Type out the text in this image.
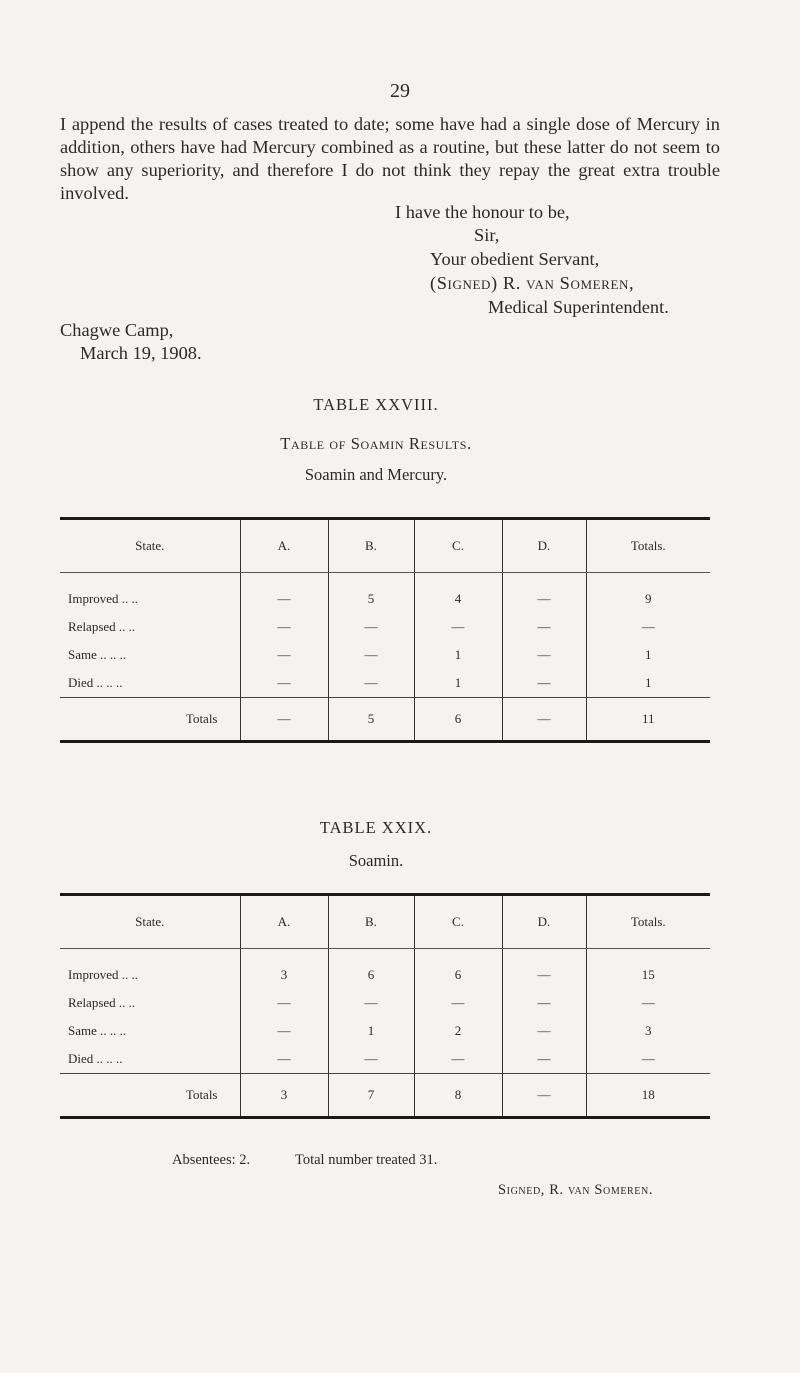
29
I append the results of cases treated to date; some have had a single dose of Mercury in addition, others have had Mercury combined as a routine, but these latter do not seem to show any superiority, and therefore I do not think they repay the great extra trouble involved.
I have the honour to be,
Sir,
Your obedient Servant,
(Signed) R. van Someren,
Medical Superintendent.
Chagwe Camp,
March 19, 1908.
TABLE XXVIII.
Table of Soamin Results.
Soamin and Mercury.
State.	A.	B.	C.	D.	Totals.
Improved .. ..	—	5	4	—	9
Relapsed .. ..	—	—	—	—	—
Same .. .. ..	—	—	1	—	1
Died .. .. ..	—	—	1	—	1
Totals	—	5	6	—	11
TABLE XXIX.
Soamin.
State.	A.	B.	C.	D.	Totals.
Improved .. ..	3	6	6	—	15
Relapsed .. ..	—	—	—	—	—
Same .. .. ..	—	1	2	—	3
Died .. .. ..	—	—	—	—	—
Totals	3	7	8	—	18
Absentees: 2.	Total number treated 31.
Signed, R. van Someren.
